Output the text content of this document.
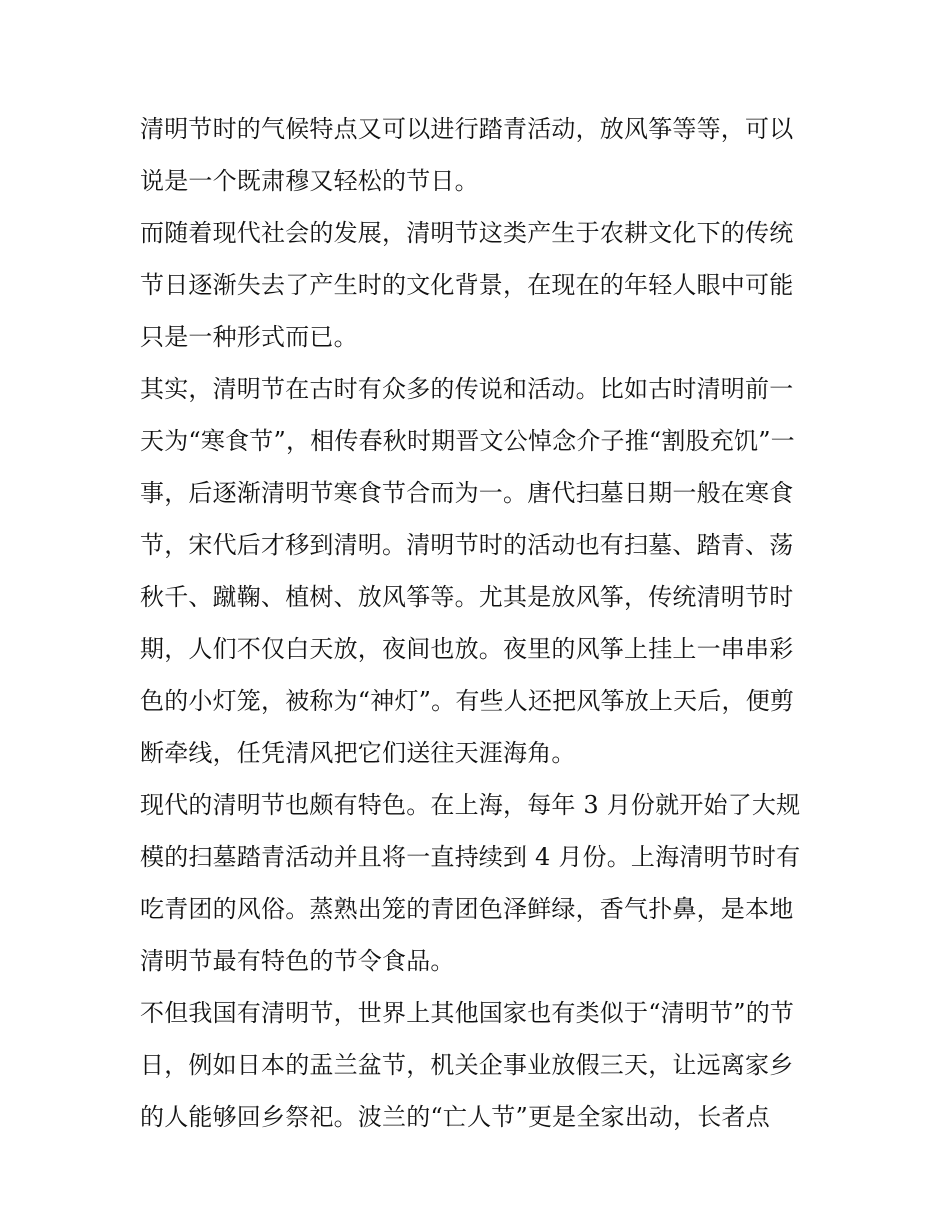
清明节时的气候特点又可以进行踏青活动，放风筝等等，可以
说是一个既肃穆又轻松的节日。
而随着现代社会的发展，清明节这类产生于农耕文化下的传统
节日逐渐失去了产生时的文化背景，在现在的年轻人眼中可能
只是一种形式而已。
其实，清明节在古时有众多的传说和活动。比如古时清明前一
天为“寒食节”，相传春秋时期晋文公悼念介子推“割股充饥”一
事，后逐渐清明节寒食节合而为一。唐代扫墓日期一般在寒食
节，宋代后才移到清明。清明节时的活动也有扫墓、踏青、荡
秋千、蹴鞠、植树、放风筝等。尤其是放风筝，传统清明节时
期，人们不仅白天放，夜间也放。夜里的风筝上挂上一串串彩
色的小灯笼，被称为“神灯”。有些人还把风筝放上天后，便剪
断牵线，任凭清风把它们送往天涯海角。
现代的清明节也颇有特色。在上海，每年 3 月份就开始了大规
模的扫墓踏青活动并且将一直持续到 4 月份。上海清明节时有
吃青团的风俗。蒸熟出笼的青团色泽鲜绿，香气扑鼻，是本地
清明节最有特色的节令食品。
不但我国有清明节，世界上其他国家也有类似于“清明节”的节
日，例如日本的盂兰盆节，机关企事业放假三天，让远离家乡
的人能够回乡祭祀。波兰的“亡人节”更是全家出动，长者点
